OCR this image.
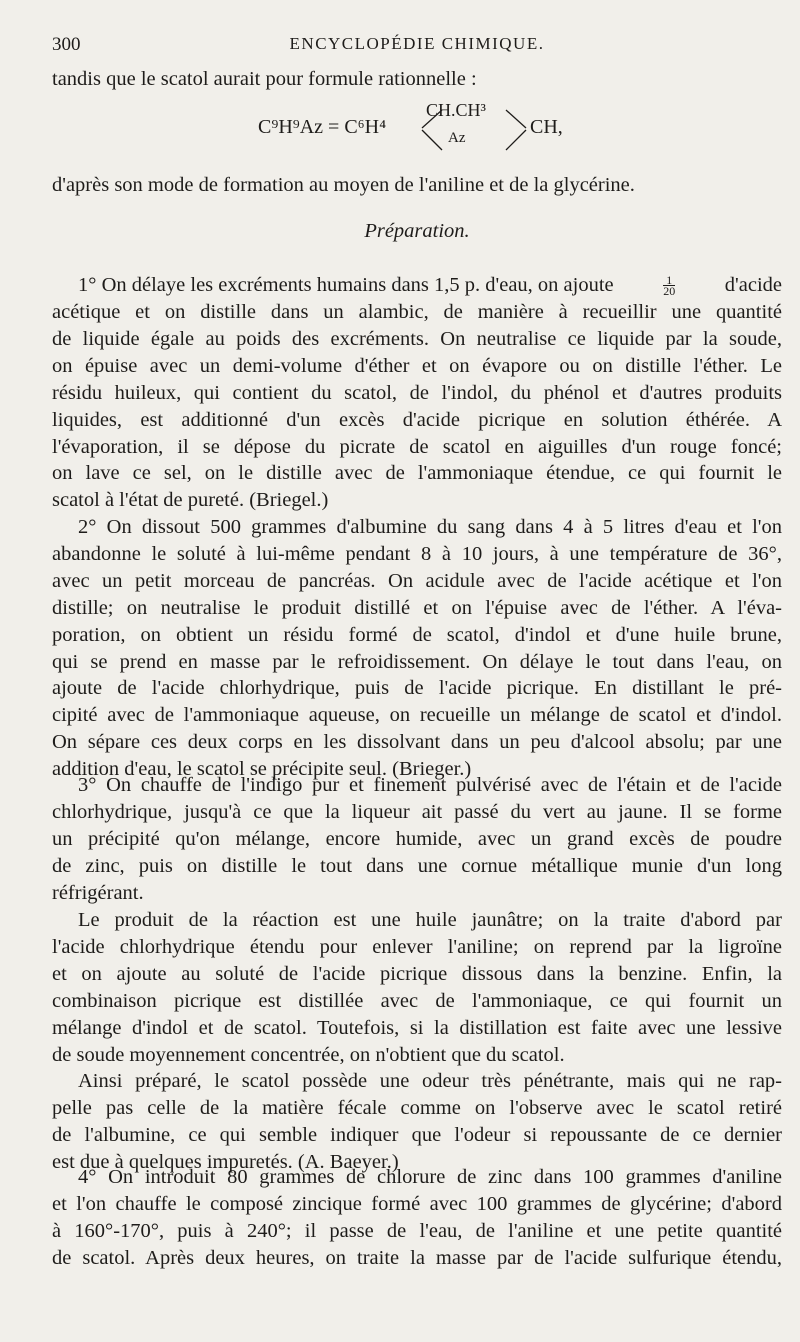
300	ENCYCLOPÉDIE CHIMIQUE.
tandis que le scatol aurait pour formule rationnelle :
C⁹H⁹Az = C⁶H⁴
CH.CH³
Az	CH,
d'après son mode de formation au moyen de l'aniline et de la glycérine.
Préparation.
1° On délaye les excréments humains dans 1,5 p. d'eau, on ajoute	$\frac{1}{20}$ d'acide
acétique et on distille dans un alambic, de manière à recueillir une quantité
de liquide égale au poids des excréments. On neutralise ce liquide par la soude,
on épuise avec un demi-volume d'éther et on évapore ou on distille l'éther. Le
résidu huileux, qui contient du scatol, de l'indol, du phénol et d'autres produits
liquides, est additionné d'un excès d'acide picrique en solution éthérée. A
l'évaporation, il se dépose du picrate de scatol en aiguilles d'un rouge foncé;
on lave ce sel, on le distille avec de l'ammoniaque étendue, ce qui fournit le
scatol à l'état de pureté. (Briegel.)
2° On dissout 500 grammes d'albumine du sang dans 4 à 5 litres d'eau et l'on
abandonne le soluté à lui-même pendant 8 à 10 jours, à une température de 36°,
avec un petit morceau de pancréas. On acidule avec de l'acide acétique et l'on
distille; on neutralise le produit distillé et on l'épuise avec de l'éther. A l'éva-
poration, on obtient un résidu formé de scatol, d'indol et d'une huile brune,
qui se prend en masse par le refroidissement. On délaye le tout dans l'eau, on
ajoute de l'acide chlorhydrique, puis de l'acide picrique. En distillant le pré-
cipité avec de l'ammoniaque aqueuse, on recueille un mélange de scatol et d'indol.
On sépare ces deux corps en les dissolvant dans un peu d'alcool absolu; par une
addition d'eau, le scatol se précipite seul. (Brieger.)
3° On chauffe de l'indigo pur et finement pulvérisé avec de l'étain et de l'acide
chlorhydrique, jusqu'à ce que la liqueur ait passé du vert au jaune. Il se forme
un précipité qu'on mélange, encore humide, avec un grand excès de poudre
de zinc, puis on distille le tout dans une cornue métallique munie d'un long
réfrigérant.
Le produit de la réaction est une huile jaunâtre; on la traite d'abord par
l'acide chlorhydrique étendu pour enlever l'aniline; on reprend par la ligroïne
et on ajoute au soluté de l'acide picrique dissous dans la benzine. Enfin, la
combinaison picrique est distillée avec de l'ammoniaque, ce qui fournit un
mélange d'indol et de scatol. Toutefois, si la distillation est faite avec une lessive
de soude moyennement concentrée, on n'obtient que du scatol.
Ainsi préparé, le scatol possède une odeur très pénétrante, mais qui ne rap-
pelle pas celle de la matière fécale comme on l'observe avec le scatol retiré
de l'albumine, ce qui semble indiquer que l'odeur si repoussante de ce dernier
est due à quelques impuretés. (A. Baeyer.)
4° On introduit 80 grammes de chlorure de zinc dans 100 grammes d'aniline
et l'on chauffe le composé zincique formé avec 100 grammes de glycérine; d'abord
à 160°-170°, puis à 240°; il passe de l'eau, de l'aniline et une petite quantité
de scatol. Après deux heures, on traite la masse par de l'acide sulfurique étendu,
